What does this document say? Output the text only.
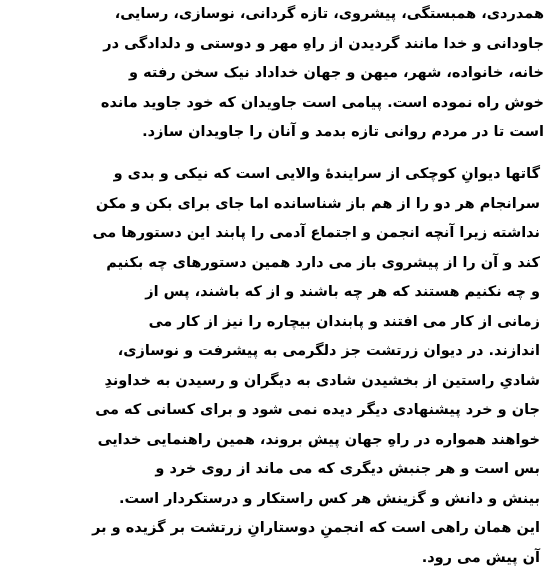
همدردی، همبستگی، پیشروی، تازه گردانی، نوسازی، رسایی،
جاودانی و خدا مانند گردیدن از راهِ مهر و دوستی و دلدادگی در
خانه، خانواده، شهر، میهن و جهان خداداد نیک سخن رفته و
خوش راه نموده است. پیامی است جاویدان که خود جاوید مانده
است تا در مردم روانی تازه بدمد و آنان را جاویدان سازد.
گاتها دیوانِ کوچکی از سرایندهٔ والایی است که نیکی و بدی و
سرانجام هر دو را از هم باز شناسانده اما جای برای بکن و مکن
نداشته زیرا آنچه انجمن و اجتماع آدمی را پابند این دستورها می
کند و آن را از پیشروی باز می دارد همین دستورهای چه بکنیم
و چه نکنیم هستند که هر چه باشند و از که باشند، پس از
زمانی از کار می افتند و پابندان بیچاره را نیز از کار می
اندازند. در دیوان زرتشت جز دلگرمی به پیشرفت و نوسازی،
شادیِ راستین از بخشیدن شادی به دیگران و رسیدن به خداوندِ
جان و خرد پیشنهادی دیگر دیده نمی شود و برای کسانی که می
خواهند همواره در راهِ جهان پیش بروند، همین راهنمایی خدایی
بس است و هر جنبش دیگری که می ماند از روی خرد و
بینش و دانش و گزینش هر کس راستکار و درستکردار است.
این همان راهی است که انجمنِ دوستارانِ زرتشت بر گزیده و بر
آن پیش می رود.
